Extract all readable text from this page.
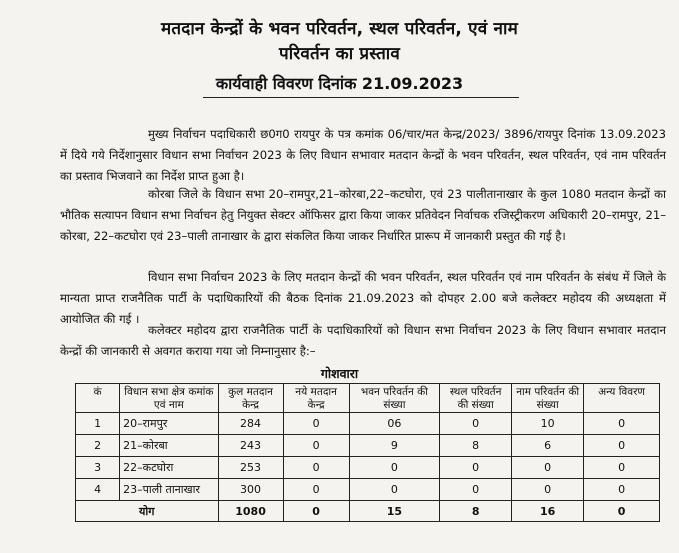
मतदान केन्द्रों के भवन परिवर्तन, स्थल परिवर्तन, एवं नाम
परिवर्तन का प्रस्ताव
कार्यवाही विवरण दिनांक 21.09.2023
मुख्य निर्वाचन पदाधिकारी छ0ग0 रायपुर के पत्र कमांक 06/चार/मत केन्द्र/2023/ 3896/रायपुर दिनांक 13.09.2023 में दिये गये निर्देशानुसार विधान सभा निर्वाचन 2023 के लिए विधान सभावार मतदान केन्द्रों के भवन परिवर्तन, स्थल परिवर्तन, एवं नाम परिवर्तन का प्रस्ताव भिजवाने का निर्देश प्राप्त हुआ है।
कोरबा जिले के विधान सभा 20–रामपुर,21–कोरबा,22–कटघोरा, एवं 23 पालीतानाखार के कुल 1080 मतदान केन्द्रों का भौतिक सत्यापन विधान सभा निर्वाचन हेतु नियुक्त सेक्टर ऑफिसर द्वारा किया जाकर प्रतिवेदन निर्वाचक रजिस्ट्रीकरण अधिकारी 20–रामपुर, 21–कोरबा, 22–कटघोरा एवं 23–पाली तानाखार के द्वारा संकलित किया जाकर निर्धारित प्रारूप में जानकारी प्रस्तुत की गई है।
विधान सभा निर्वाचन 2023 के लिए मतदान केन्द्रों की भवन परिवर्तन, स्थल परिवर्तन एवं नाम परिवर्तन के संबंध में जिले के मान्यता प्राप्त राजनैतिक पार्टी के पदाधिकारियों की बैठक दिनांक 21.09.2023 को दोपहर 2.00 बजे कलेक्टर महोदय की अध्यक्षता में आयोजित की गई ।
कलेक्टर महोदय द्वारा राजनैतिक पार्टी के पदाधिकारियों को विधान सभा निर्वाचन 2023 के लिए विधान सभावार मतदान केन्द्रों की जानकारी से अवगत कराया गया जो निम्नानुसार है:–
गोशवारा
कं	विधान सभा क्षेत्र कमांक एवं नाम	कुल मतदान केन्द्र	नये मतदान केन्द्र	भवन परिवर्तन की संख्या	स्थल परिवर्तन की संख्या	नाम परिवर्तन की संख्या	अन्य विवरण
1	20–रामपुर	284	0	06	0	10	0
2	21–कोरबा	243	0	9	8	6	0
3	22–कटघोरा	253	0	0	0	0	0
4	23–पाली तानाखार	300	0	0	0	0	0
योग		1080	0	15	8	16	0
